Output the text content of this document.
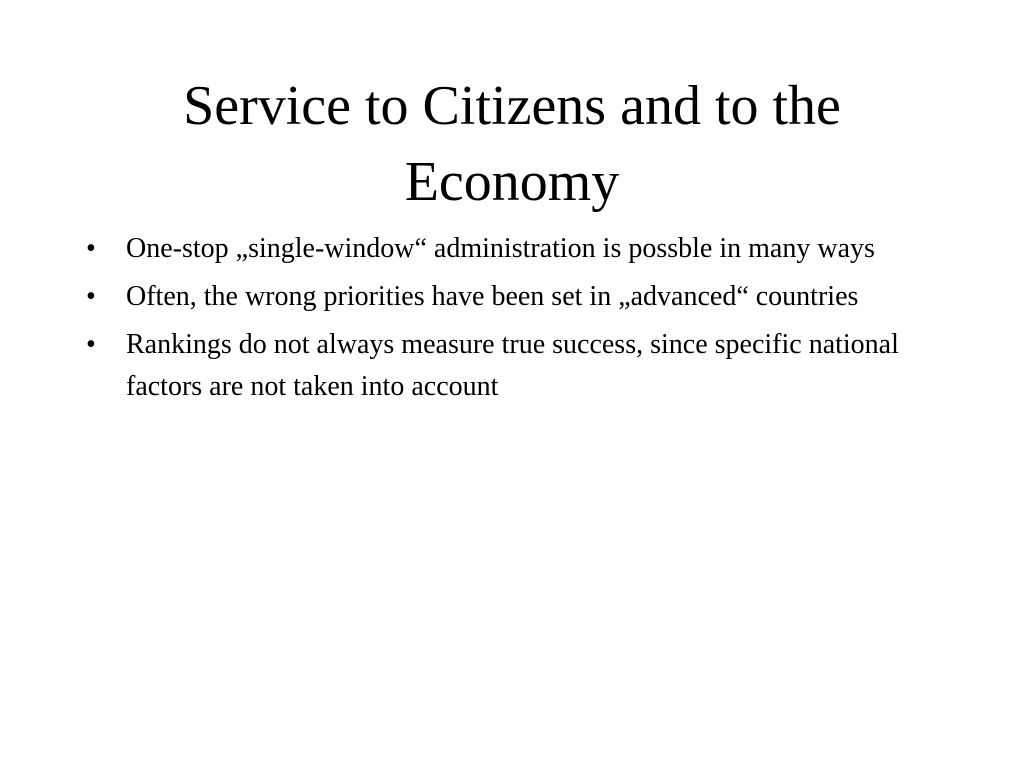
Service to Citizens and to the Economy
•	One-stop „single-window“ administration is possble in many ways
•	Often, the wrong priorities have been set in „advanced“ countries
•	Rankings do not always measure true success, since specific national factors are not taken into account
